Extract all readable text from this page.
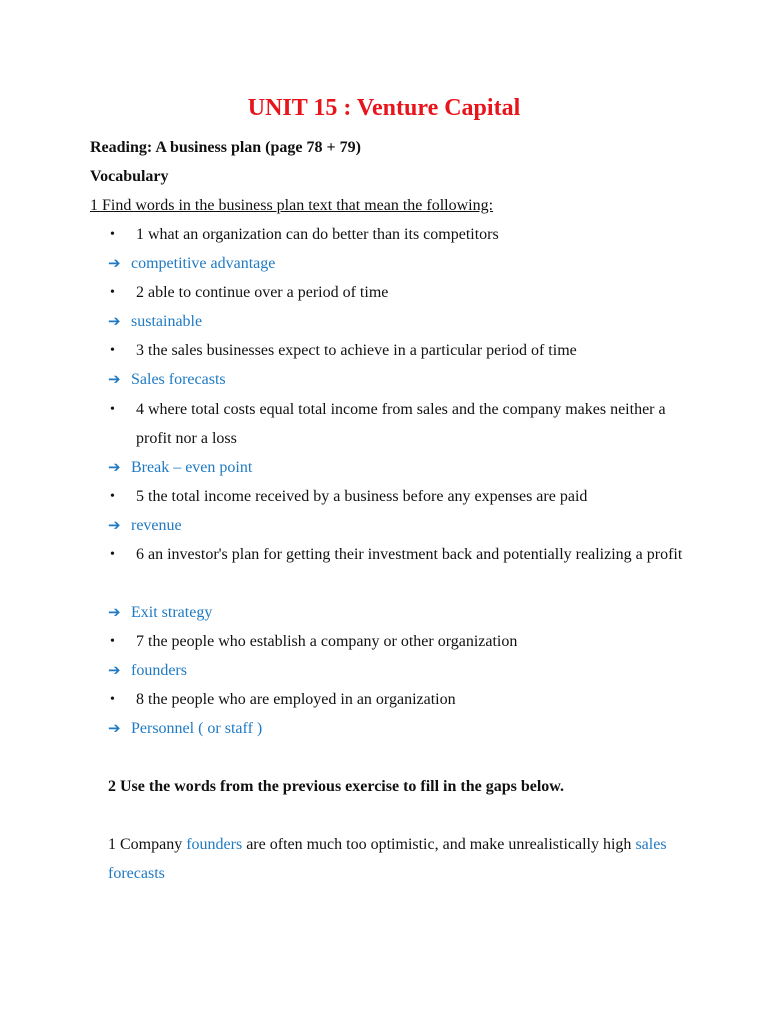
UNIT 15 : Venture Capital
Reading: A business plan (page 78 + 79)
Vocabulary
1 Find words in the business plan text that mean the following:
•	1 what an organization can do better than its competitors
➔ competitive advantage
•	2 able to continue over a period of time
➔ sustainable
•	3 the sales businesses expect to achieve in a particular period of time
➔ Sales forecasts
•	4 where total costs equal total income from sales and the company makes neither a profit nor a loss
➔ Break – even point
•	5 the total income received by a business before any expenses are paid
➔ revenue
•	6 an investor's plan for getting their investment back and potentially realizing a profit
➔ Exit strategy
•	7 the people who establish a company or other organization
➔ founders
•	8 the people who are employed in an organization
➔ Personnel ( or staff )
2 Use the words from the previous exercise to fill in the gaps below.
1 Company founders are often much too optimistic, and make unrealistically high sales forecasts
